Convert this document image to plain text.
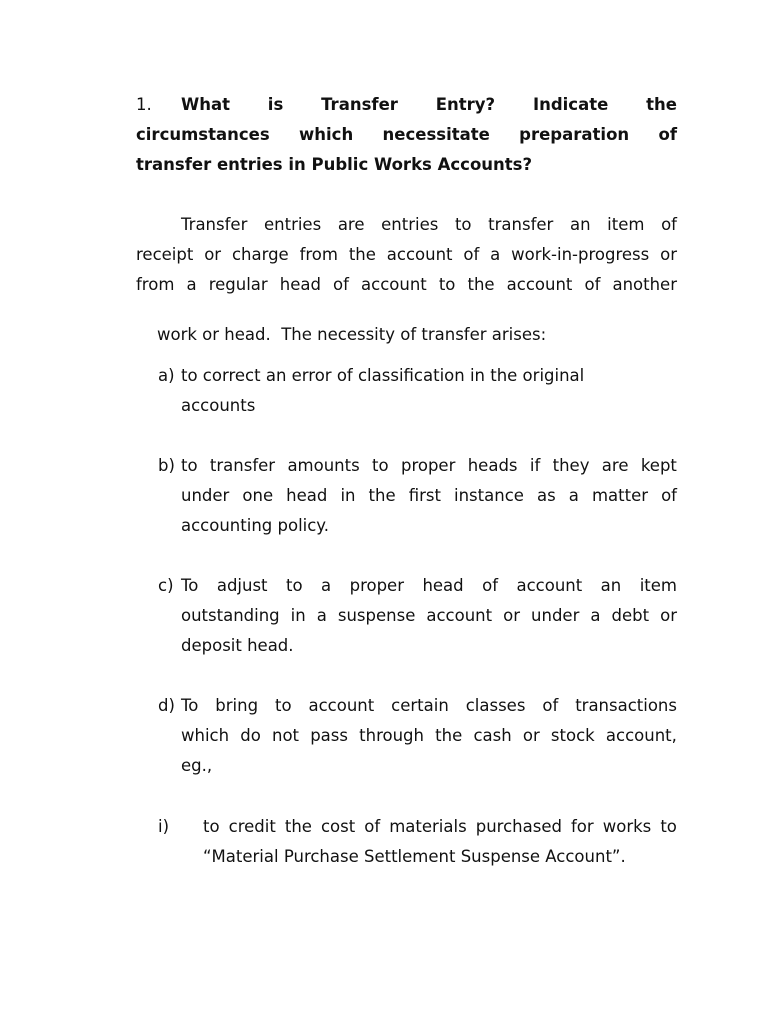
1. What is Transfer Entry? Indicate the
circumstances which necessitate preparation of
transfer entries in Public Works Accounts?
Transfer entries are entries to transfer an item of
receipt or charge from the account of a work-in-progress or
from a regular head of account to the account of another

work or head.  The necessity of transfer arises:

a) to correct an error of classification in the original
accounts
b) to transfer amounts to proper heads if they are kept
under one head in the first instance as a matter of
accounting policy.
c) To adjust to a proper head of account an item
outstanding in a suspense account or under a debt or
deposit head.
d) To bring to account certain classes of transactions
which do not pass through the cash or stock account,
eg.,
i) to credit the cost of materials purchased for works to
“Material Purchase Settlement Suspense Account”.
